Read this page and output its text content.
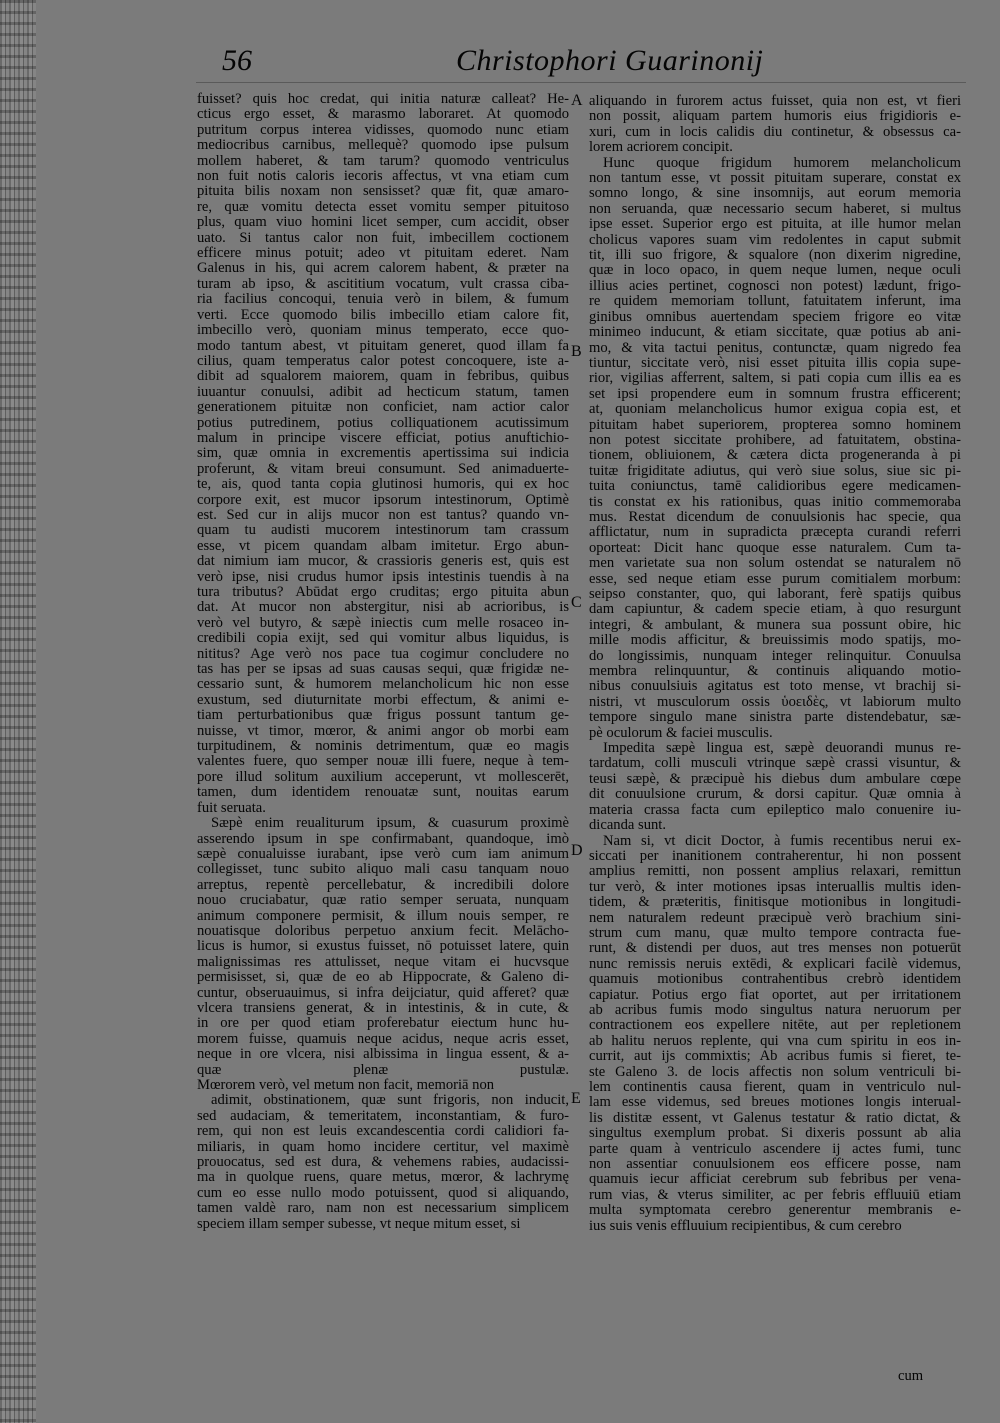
56	Christophori Guarinonij
fuisset? quis hoc credat, qui initia naturæ calleat? He-
cticus ergo esset, & marasmo laboraret. At quomodo
putritum corpus interea vidisses, quomodo nunc etiam
mediocribus carnibus, mellequè? quomodo ipse pulsum
mollem haberet, & tam tarum? quomodo ventriculus
non fuit notis caloris iecoris affectus, vt vna etiam cum
pituita bilis noxam non sensisset? quæ fit, quæ amaro-
re, quæ vomitu detecta esset vomitu semper pituitoso
plus, quam viuo homini licet semper, cum accidit, obser
uato. Si tantus calor non fuit, imbecillem coctionem
efficere minus potuit; adeo vt pituitam ederet. Nam
Galenus in his, qui acrem calorem habent, & præter na
turam ab ipso, & ascititium vocatum, vult crassa ciba-
ria facilius concoqui, tenuia verò in bilem, & fumum
verti. Ecce quomodo bilis imbecillo etiam calore fit,
imbecillo verò, quoniam minus temperato, ecce quo-
modo tantum abest, vt pituitam generet, quod illam fa
cilius, quam temperatus calor potest concoquere, iste a-
dibit ad squalorem maiorem, quam in febribus, quibus
iuuantur conuulsi, adibit ad hecticum statum, tamen
generationem pituitæ non conficiet, nam actior calor
potius putredinem, potius colliquationem acutissimum
malum in principe viscere efficiat, potius anuftichio-
sim, quæ omnia in excrementis apertissima sui indicia
proferunt, & vitam breui consumunt. Sed animaduerte-
te, ais, quod tanta copia glutinosi humoris, qui ex hoc
corpore exit, est mucor ipsorum intestinorum, Optimè
est. Sed cur in alijs mucor non est tantus? quando vn-
quam tu audisti mucorem intestinorum tam crassum
esse, vt picem quandam albam imitetur. Ergo abun-
dat nimium iam mucor, & crassioris generis est, quis est
verò ipse, nisi crudus humor ipsis intestinis tuendis à na
tura tributus? Abūdat ergo cruditas; ergo pituita abun
dat. At mucor non abstergitur, nisi ab acrioribus, is
verò vel butyro, & sæpè iniectis cum melle rosaceo in-
credibili copia exijt, sed qui vomitur albus liquidus, is
nititus? Age verò nos pace tua cogimur concludere no
tas has per se ipsas ad suas causas sequi, quæ frigidæ ne-
cessario sunt, & humorem melancholicum hic non esse
exustum, sed diuturnitate morbi effectum, & animi e-
tiam perturbationibus quæ frigus possunt tantum ge-
nuisse, vt timor, mœror, & animi angor ob morbi eam
turpitudinem, & nominis detrimentum, quæ eo magis
valentes fuere, quo semper nouæ illi fuere, neque à tem-
pore illud solitum auxilium acceperunt, vt mollescerēt,
tamen, dum identidem renouatæ sunt, nouitas earum
fuit seruata.
Sæpè enim reualiturum ipsum, & cuasurum proximè
asserendo ipsum in spe confirmabant, quandoque, imò
sæpè conualuisse iurabant, ipse verò cum iam animum
collegisset, tunc subito aliquo mali casu tanquam nouo
arreptus, repentè percellebatur, & incredibili dolore
nouo cruciabatur, quæ ratio semper seruata, nunquam
animum componere permisit, & illum nouis semper, re
nouatisque doloribus perpetuo anxium fecit. Melācho-
licus is humor, si exustus fuisset, nō potuisset latere, quin
malignissimas res attulisset, neque vitam ei hucvsque
permisisset, si, quæ de eo ab Hippocrate, & Galeno di-
cuntur, obseruauimus, si infra deijciatur, quid afferet? quæ
vlcera transiens generat, & in intestinis, & in cute, &
in ore per quod etiam proferebatur eiectum hunc hu-
morem fuisse, quamuis neque acidus, neque acris esset,
neque in ore vlcera, nisi albissima in lingua essent, & a-
quæ plenæ pustulæ.
Mœrorem verò, vel metum non facit, memoriā non
adimit, obstinationem, quæ sunt frigoris, non inducit,
sed audaciam, & temeritatem, inconstantiam, & furo-
rem, qui non est leuis excandescentia cordi calidiori fa-
miliaris, in quam homo incidere certitur, vel maximè
prouocatus, sed est dura, & vehemens rabies, audacissi-
ma in quolque ruens, quare metus, mœror, & lachrymę
cum eo esse nullo modo potuissent, quod si aliquando,
tamen valdè raro, nam non est necessarium simplicem
speciem illam semper subesse, vt neque mitum esset, si
aliquando in furorem actus fuisset, quia non est, vt fieri
non possit, aliquam partem humoris eius frigidioris e-
xuri, cum in locis calidis diu continetur, & obsessus ca-
lorem acriorem concipit.
Hunc quoque frigidum humorem melancholicum
non tantum esse, vt possit pituitam superare, constat ex
somno longo, & sine insomnijs, aut eorum memoria
non seruanda, quæ necessario secum haberet, si multus
ipse esset. Superior ergo est pituita, at ille humor melan
cholicus vapores suam vim redolentes in caput submit
tit, illi suo frigore, & squalore (non dixerim nigredine,
quæ in loco opaco, in quem neque lumen, neque oculi
illius acies pertinet, cognosci non potest) lædunt, frigo-
re quidem memoriam tollunt, fatuitatem inferunt, ima
ginibus omnibus auertendam speciem frigore eo vitæ
minimeo inducunt, & etiam siccitate, quæ potius ab ani-
mo, & vita tactui penitus, contunctæ, quam nigredo fea
tiuntur, siccitate verò, nisi esset pituita illis copia supe-
rior, vigilias afferrent, saltem, si pati copia cum illis ea es
set ipsi propendere eum in somnum frustra efficerent;
at, quoniam melancholicus humor exigua copia est, et
pituitam habet superiorem, propterea somno hominem
non potest siccitate prohibere, ad fatuitatem, obstina-
tionem, obliuionem, & cætera dicta progeneranda à pi
tuitæ frigiditate adiutus, qui verò siue solus, siue sic pi-
tuita coniunctus, tamē calidioribus egere medicamen-
tis constat ex his rationibus, quas initio commemoraba
mus. Restat dicendum de conuulsionis hac specie, qua
afflictatur, num in supradicta præcepta curandi referri
oporteat: Dicit hanc quoque esse naturalem. Cum ta-
men varietate sua non solum ostendat se naturalem nō
esse, sed neque etiam esse purum comitialem morbum:
seipso constanter, quo, qui laborant, ferè spatijs quibus
dam capiuntur, & cadem specie etiam, à quo resurgunt
integri, & ambulant, & munera sua possunt obire, hic
mille modis afficitur, & breuissimis modo spatijs, mo-
do longissimis, nunquam integer relinquitur. Conuulsa
membra relinquuntur, & continuis aliquando motio-
nibus conuulsiuis agitatus est toto mense, vt brachij si-
nistri, vt musculorum ossis ὑοειδὲς, vt labiorum multo
tempore singulo mane sinistra parte distendebatur, sæ-
pè oculorum & faciei musculis.
Impedita sæpè lingua est, sæpè deuorandi munus re-
tardatum, colli musculi vtrinque sæpè crassi visuntur, &
teusi sæpè, & præcipuè his diebus dum ambulare cœpe
dit conuulsione crurum, & dorsi capitur. Quæ omnia à
materia crassa facta cum epileptico malo conuenire iu-
dicanda sunt.
Nam si, vt dicit Doctor, à fumis recentibus nerui ex-
siccati per inanitionem contraherentur, hi non possent
amplius remitti, non possent amplius relaxari, remittun
tur verò, & inter motiones ipsas interuallis multis iden-
tidem, & præteritis, finitisque motionibus in longitudi-
nem naturalem redeunt præcipuè verò brachium sini-
strum cum manu, quæ multo tempore contracta fue-
runt, & distendi per duos, aut tres menses non potuerūt
nunc remissis neruis extēdi, & explicari facilè videmus,
quamuis motionibus contrahentibus crebrò identidem
capiatur. Potius ergo fiat oportet, aut per irritationem
ab acribus fumis modo singultus natura neruorum per
contractionem eos expellere nitēte, aut per repletionem
ab halitu neruos replente, qui vna cum spiritu in eos in-
currit, aut ijs commixtis; Ab acribus fumis si fieret, te-
ste Galeno 3. de locis affectis non solum ventriculi bi-
lem continentis causa fierent, quam in ventriculo nul-
lam esse videmus, sed breues motiones longis interual-
lis distitæ essent, vt Galenus testatur & ratio dictat, &
singultus exemplum probat. Si dixeris possunt ab alia
parte quam à ventriculo ascendere ij actes fumi, tunc
non assentiar conuulsionem eos efficere posse, nam
quamuis iecur afficiat cerebrum sub febribus per vena-
rum vias, & vterus similiter, ac per febris effluuiū etiam
multa symptomata cerebro generentur membranis e-
ius suis venis effluuium recipientibus, & cum cerebro
A
B
C
D
E
cum
